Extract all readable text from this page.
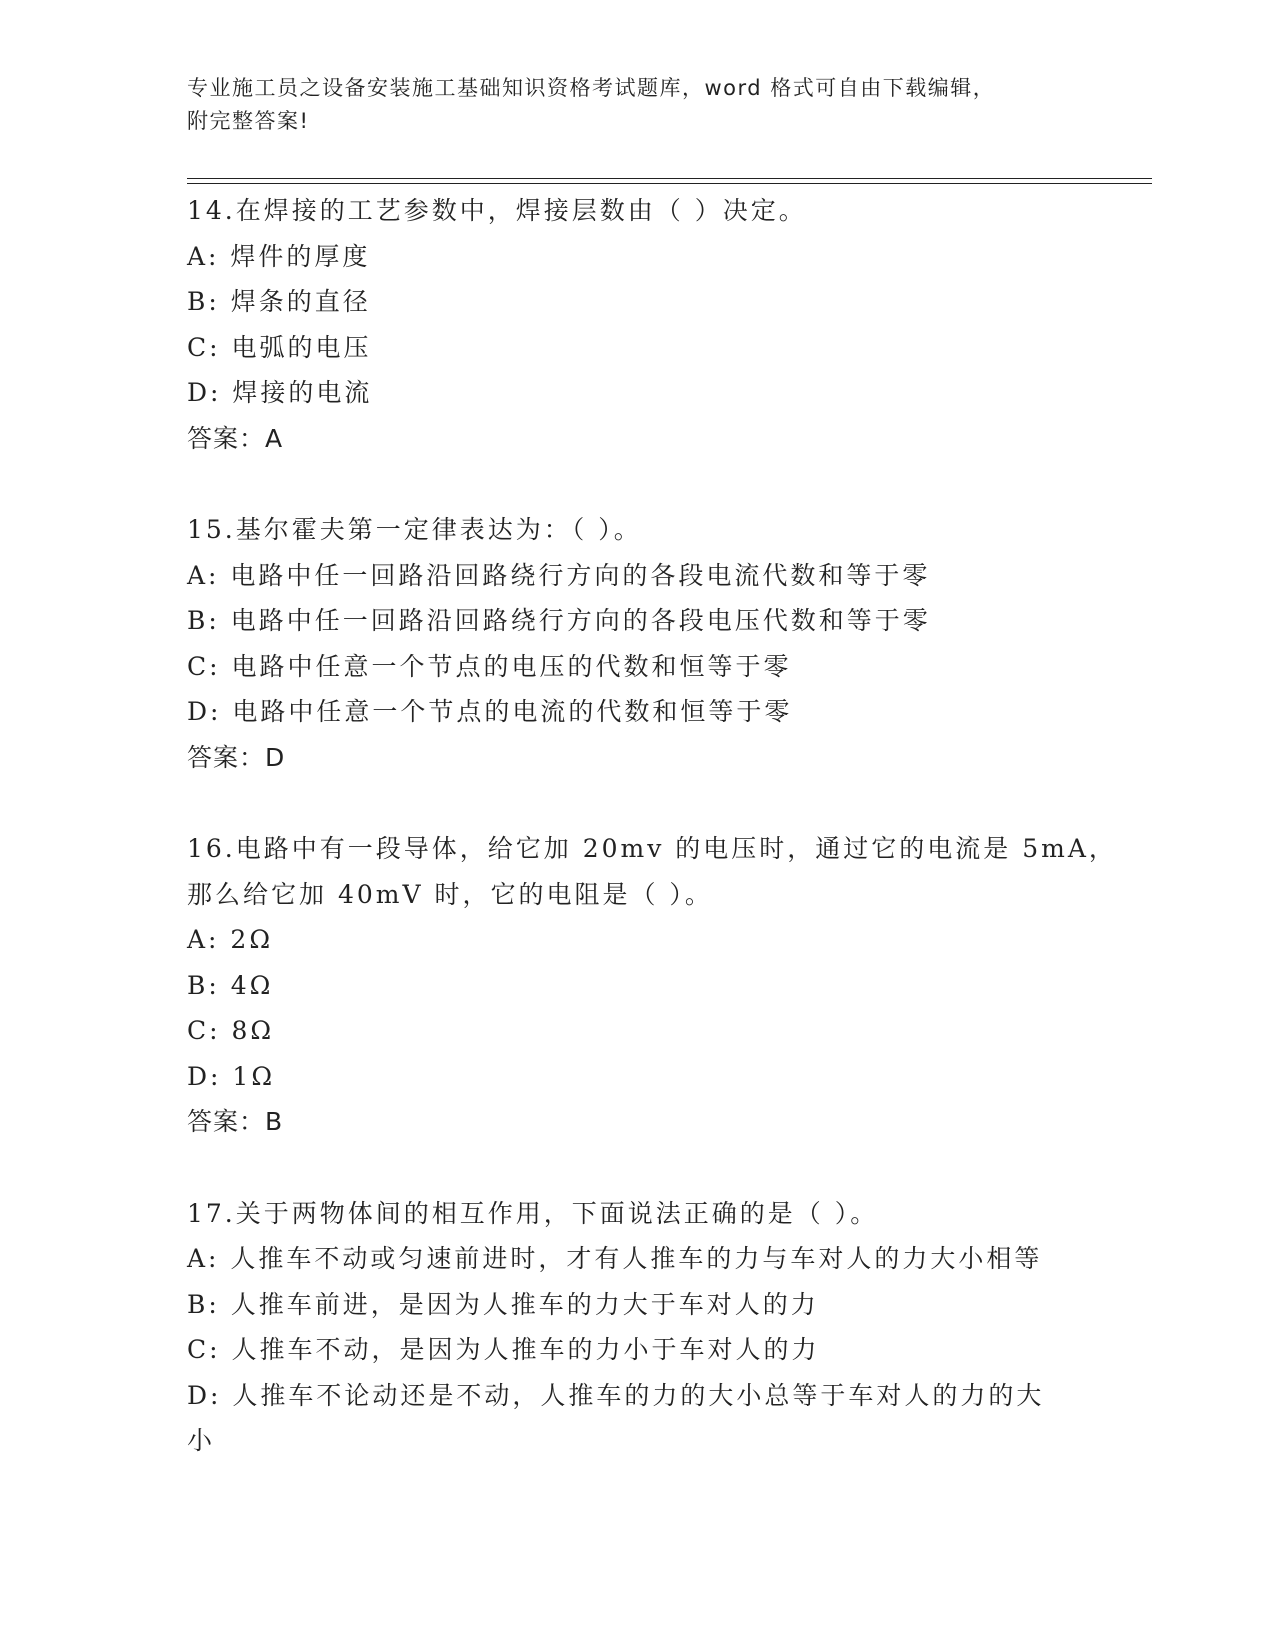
专业施工员之设备安装施工基础知识资格考试题库，word 格式可自由下载编辑，
附完整答案!
14.在焊接的工艺参数中，焊接层数由（ ）决定。
A: 焊件的厚度
B: 焊条的直径
C: 电弧的电压
D: 焊接的电流
答案：A
15.基尔霍夫第一定律表达为：（ ）。
A: 电路中任一回路沿回路绕行方向的各段电流代数和等于零
B: 电路中任一回路沿回路绕行方向的各段电压代数和等于零
C: 电路中任意一个节点的电压的代数和恒等于零
D: 电路中任意一个节点的电流的代数和恒等于零
答案：D
16.电路中有一段导体，给它加 20mv 的电压时，通过它的电流是 5mA，
那么给它加 40mV 时，它的电阻是（ ）。
A: 2Ω
B: 4Ω
C: 8Ω
D: 1Ω
答案：B
17.关于两物体间的相互作用，下面说法正确的是（ ）。
A: 人推车不动或匀速前进时，才有人推车的力与车对人的力大小相等
B: 人推车前进，是因为人推车的力大于车对人的力
C: 人推车不动，是因为人推车的力小于车对人的力
D: 人推车不论动还是不动，人推车的力的大小总等于车对人的力的大
小
